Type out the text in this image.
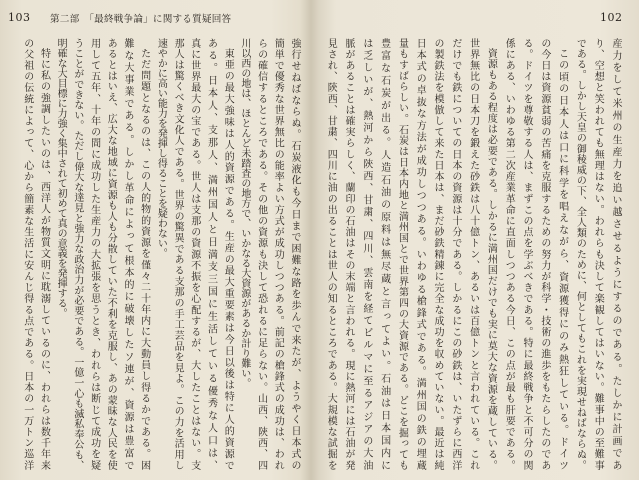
103 第二部　「最終戦争論」に関する質疑回答

強行せねばならぬ。石炭液化も今日まで困難な路を歩んで来たが、ようやく日本式の

簡単で優秀な世界無比の能率よい方式が成功しつつある。前記の槍鋒式の成功は、われ

らの確信するところである。その他の資源も決して恐れるに足らない。山西、陝西、四

川以西の地は、ほとんど未踏査の地方で、いかなる大資源があるか計り難い。

東亜の最大強味は人的資源である。生産の最大重要素は今日以後は特に人的資源で

ある。日本人、支那人、満州国人と日満支三国に生活している優秀な人口は、

真に世界最大の宝である。世人は支那の資源不振を心配するが、大したことはない。支

那人は驚くべき文化人である。世界の驚異である支那の手工芸品を見よ。この力を活用し

速やかに高い能力を発揮し得ることを疑わない。

ただ問題となるのは、この人的物的資源を僅々二十年内に大動員し得るかである。困

難な大事業である。しかし革命によって根本的に破壊したソ連が、資源は豊富で

あるとはいえ、広大な地域に資源も人も分散していた不利を克服し、あの蒙昧な人民を使

用して五年、十年の間に成功した生産力の大拡張を思うとき、われらは断じて成功を疑

うことができない。ただし偉大な達見と強力な政治力が必要である。一億一心も滅私奉公も、

明確な大目標に力強く集中されて初めて真の意義を発揮する。

特に私の強調したいのは、西洋人が物質文明に耽溺しているのに、われらは数千年来

の父祖の伝統によって、心から簡素な生活に安んじ得る点である。日本の一万トン巡洋

102

産力をして米州の生産力を追い越させるようにするのである。たしかに計画であ

り、空想と笑われても無理はない。われらも決して楽観してはいない。難事中の至難事

である。しかし天皇の御稜威の下、全人類のために、何としてもこれを実現せねばならぬ。

この頃の日本人は口に科学を唱えながら、資源獲得にのみ熱狂している。ドイツ

の今日は資源貧弱の苦痛を克服するための努力が科学・技術の進歩をもたらしたのであ

る。ドイツを尊敬する人は、まずこの点を学ぶべきである。特に最終戦争と不可分の関

係にある、いわゆる第二次産業革命に直面しつつある今日、この点が最も肝要である。

資源もある程度は必要である。しかるに満州国だけでも実に莫大な資源を蔵している。

世界無比の日本刀を鍛えた砂鉄は八十億トン、あるいは百億トンと言われている。これ

だけでも鉄についての日本の資源は十分である。しかるにこの砂鉄は、いたずらに西洋

の製鉄法を模倣して来た日本は、まだ砂鉄精錬に完全な成功を収めていない。最近は純

日本式の卓抜な方法が成功しつつある。いわゆる槍鋒式である。満州国の鉄の埋蔵

量もすばらしい。石炭は日本内地と満州国とで世界第四の大資源である。どこを掘っても

豊富な石炭が出る。人造石油の原料は無尽蔵と言ってよい。石油は日本国内に

は乏しいが、熱河から陝西、甘粛、四川、雲南を経てビルマに至るアジアの大油

脈があることは確実らしく、蘭印の石油はその末端と言われる。現に熱河には石油が発

見され、陝西、甘粛、四川に油の出ることは世人の知るところである。大規模な試掘を
